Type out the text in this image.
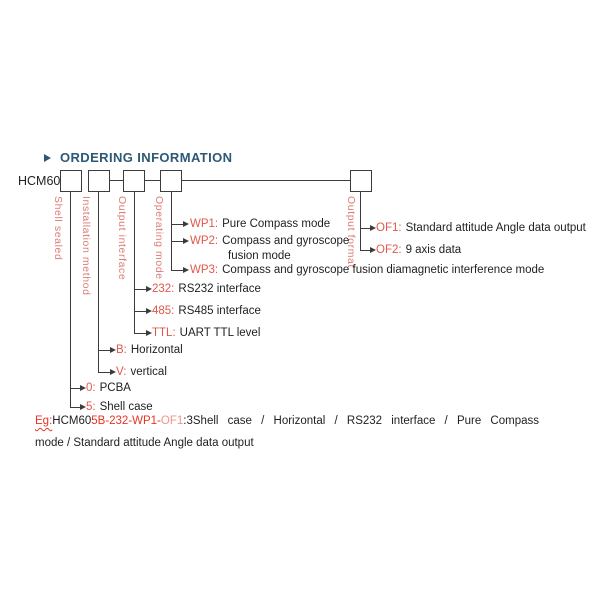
ORDERING INFORMATION
HCM60
Shell sealed Installation method Output interface Operating mode	Output format
WP1: Pure Compass mode
WP2: Compass and gyroscope
fusion mode
WP3: Compass and gyroscope fusion diamagnetic interference mode
232: RS232 interface
485: RS485 interface
TTL: UART TTL level
B: Horizontal
V: vertical
0: PCBA
5: Shell case
OF1: Standard attitude Angle data output
OF2: 9 axis data
Eg:HCM605B-232-WP1-OF1:3Shell case / Horizontal / RS232 interface / Pure Compass
mode / Standard attitude Angle data output
